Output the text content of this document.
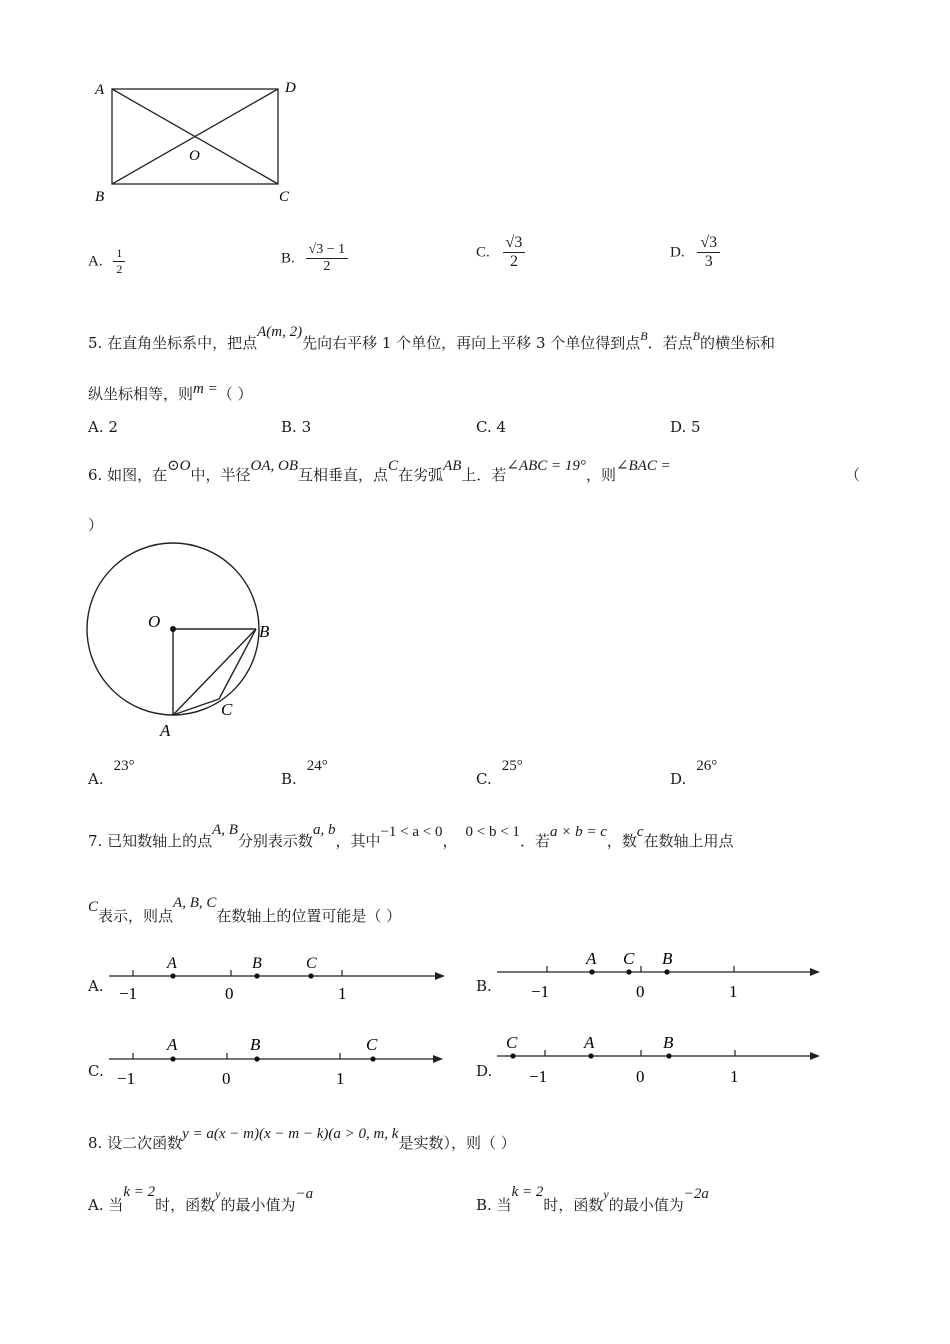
A	D
O
B	C
A. $\frac{1}{2}$	B. $\frac{√3 - 1}{2}$	C. $\frac{√3}{2}$	D. $\frac{√3}{3}$
5. 在直角坐标系中，把点A(m, 2)先向右平移 1 个单位，再向上平移 3 个单位得到点$^B$．若点$^B$的横坐标和
纵坐标相等，则m =（ ）
A. 2	B. 3	C. 4	D. 5
6. 如图，在⊙O中，半径OA, OB互相垂直，点C在劣弧AB上．若∠ABC = 19°，则∠BAC =	（
）
O
B
A
C
A.23°
B.24°
C.25°
D.26°
7. 已知数轴上的点A, B分别表示数a, b，其中−1 < a < 0， 0 < b < 1．若a × b = c，数c在数轴上用点
C表示，则点A, B, C在数轴上的位置可能是（ ）
A. −1	0	1
A	B	C
B. −1	0	1
A C B
C. −1	0	1
A	B	C
D. −1	0	1
C	A	B
8. 设二次函数y = a(x − m)(x − m − k)(a > 0, m, k是实数），则（ ）
A. 当k = 2时，函数$^y$的最小值为−a
B. 当k = 2时，函数$^y$的最小值为−2a
